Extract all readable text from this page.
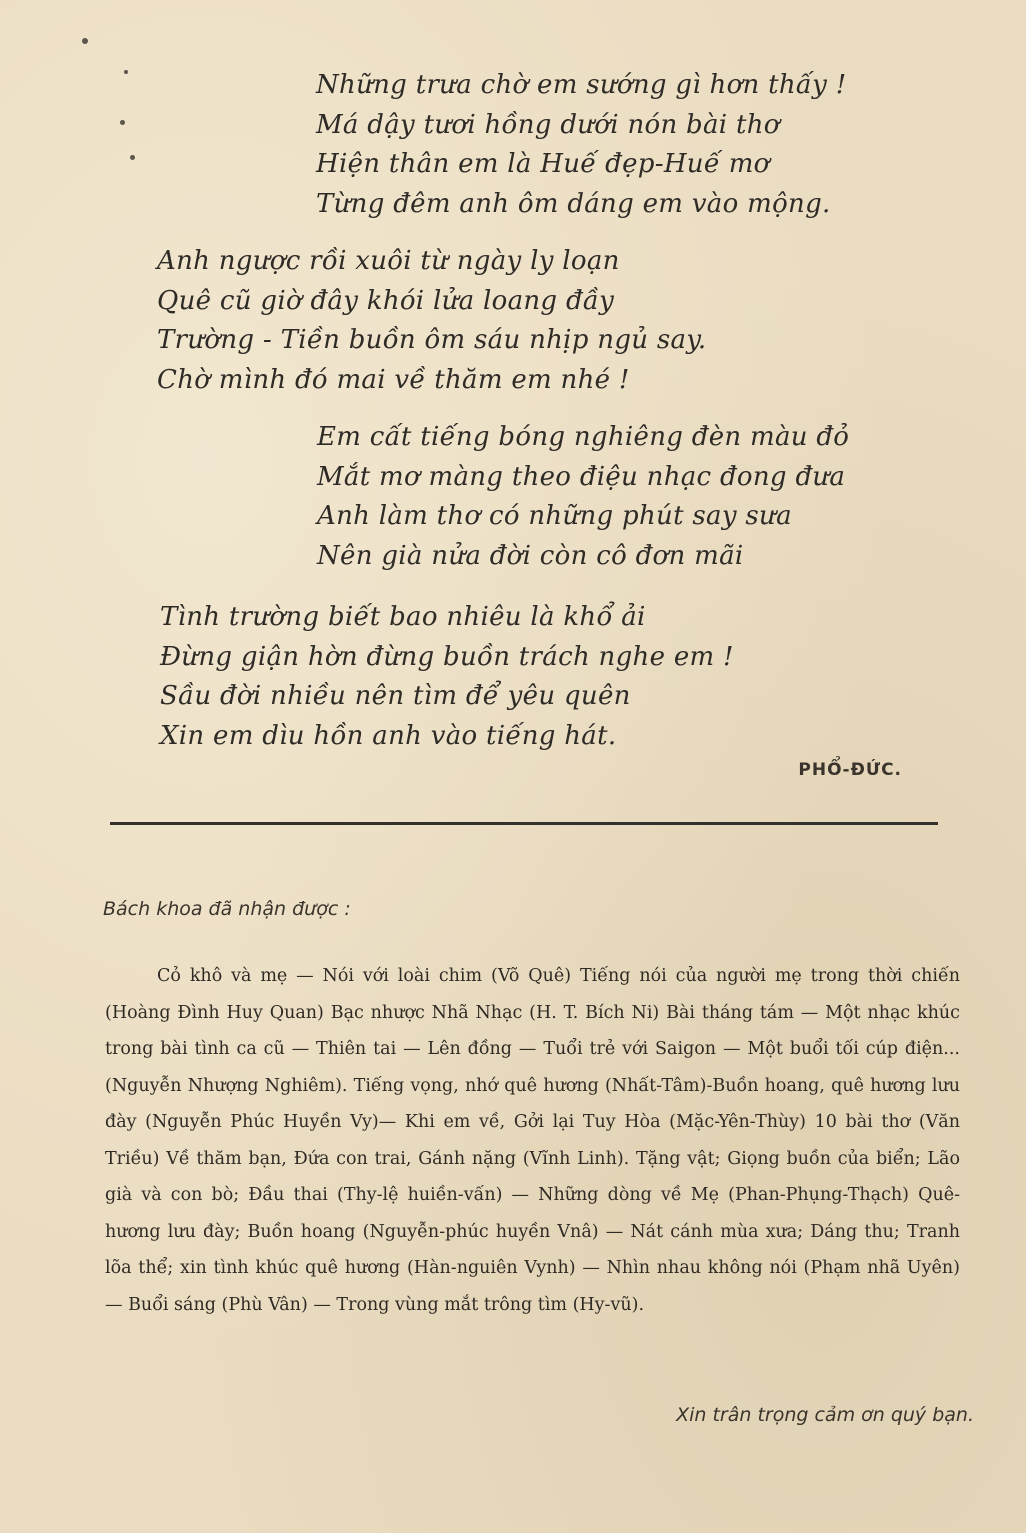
Những trưa chờ em sướng gì hơn thấy !
Má dậy tươi hồng dưới nón bài thơ
Hiện thân em là Huế đẹp-Huế mơ
Từng đêm anh ôm dáng em vào mộng.
Anh ngược rồi xuôi từ ngày ly loạn
Quê cũ giờ đây khói lửa loang đầy
Trường - Tiền buồn ôm sáu nhịp ngủ say.
Chờ mình đó mai về thăm em nhé !
Em cất tiếng bóng nghiêng đèn màu đỏ
Mắt mơ màng theo điệu nhạc đong đưa
Anh làm thơ có những phút say sưa
Nên già nửa đời còn cô đơn mãi
Tình trường biết bao nhiêu là khổ ải
Đừng giận hờn đừng buồn trách nghe em !
Sầu đời nhiều nên tìm để yêu quên
Xin em dìu hồn anh vào tiếng hát.
PHỔ-ĐỨC.
Bách khoa đã nhận được :
Cỏ khô và mẹ — Nói với loài chim (Võ Quê) Tiếng nói của người mẹ trong thời chiến (Hoàng Đình Huy Quan) Bạc nhược Nhã Nhạc (H. T. Bích Ni) Bài tháng tám — Một nhạc khúc trong bài tình ca cũ — Thiên tai — Lên đồng — Tuổi trẻ với Saigon — Một buổi tối cúp điện... (Nguyễn Nhượng Nghiêm). Tiếng vọng, nhớ quê hương (Nhất-Tâm)-Buồn hoang, quê hương lưu đày (Nguyễn Phúc Huyền Vy)— Khi em về, Gởi lại Tuy Hòa (Mặc-Yên-Thùy) 10 bài thơ (Văn Triều) Về thăm bạn, Đứa con trai, Gánh nặng (Vĩnh Linh). Tặng vật; Giọng buồn của biển; Lão già và con bò; Đầu thai (Thy-lệ huiền-vấn) — Những dòng về Mẹ (Phan-Phụng-Thạch) Quê-hương lưu đày; Buồn hoang (Nguyễn-phúc huyền Vnâ) — Nát cánh mùa xưa; Dáng thu; Tranh lõa thể; xin tình khúc quê hương (Hàn-nguiên Vynh) — Nhìn nhau không nói (Phạm nhã Uyên) — Buổi sáng (Phù Vân) — Trong vùng mắt trông tìm (Hy-vũ).
Xin trân trọng cảm ơn quý bạn.
